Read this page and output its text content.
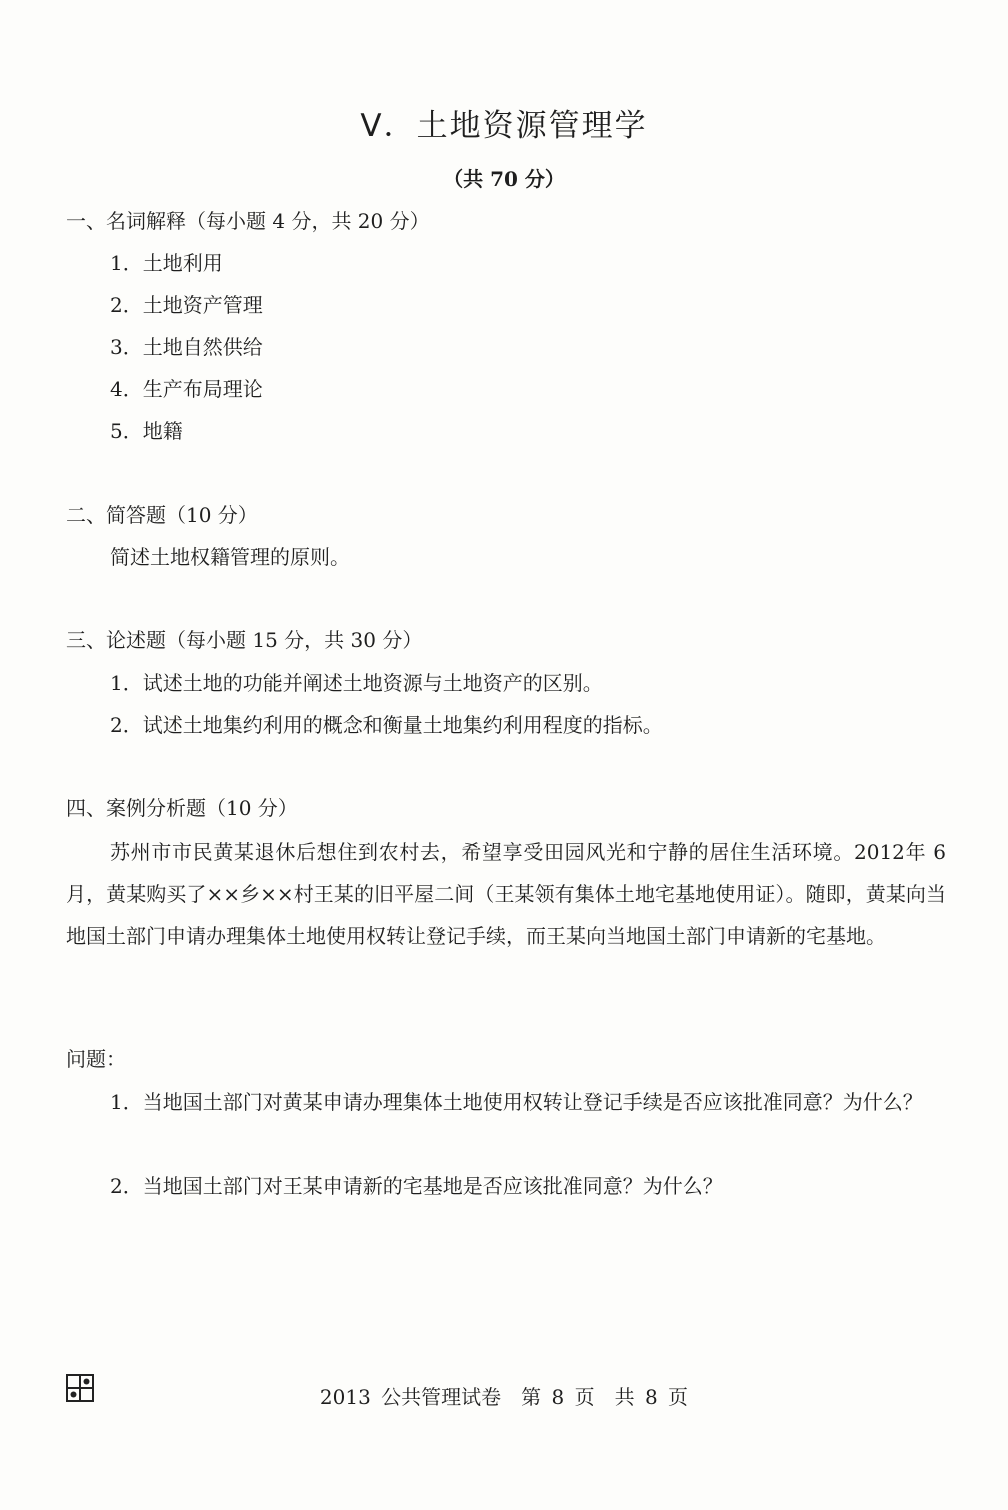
V．土地资源管理学
（共 70 分）
一、名词解释（每小题 4 分，共 20 分）
1．土地利用
2．土地资产管理
3．土地自然供给
4．生产布局理论
5．地籍
二、简答题（10 分）
简述土地权籍管理的原则。
三、论述题（每小题 15 分，共 30 分）
1．试述土地的功能并阐述土地资源与土地资产的区别。
2．试述土地集约利用的概念和衡量土地集约利用程度的指标。
四、案例分析题（10 分）
苏州市市民黄某退休后想住到农村去，希望享受田园风光和宁静的居住生活环境。2012年 6 月，黄某购买了××乡××村王某的旧平屋二间（王某领有集体土地宅基地使用证）。随即，黄某向当地国土部门申请办理集体土地使用权转让登记手续，而王某向当地国土部门申请新的宅基地。
问题：
1．当地国土部门对黄某申请办理集体土地使用权转让登记手续是否应该批准同意？为什么？
2．当地国土部门对王某申请新的宅基地是否应该批准同意？为什么？
2013 公共管理试卷　第 8 页　共 8 页
